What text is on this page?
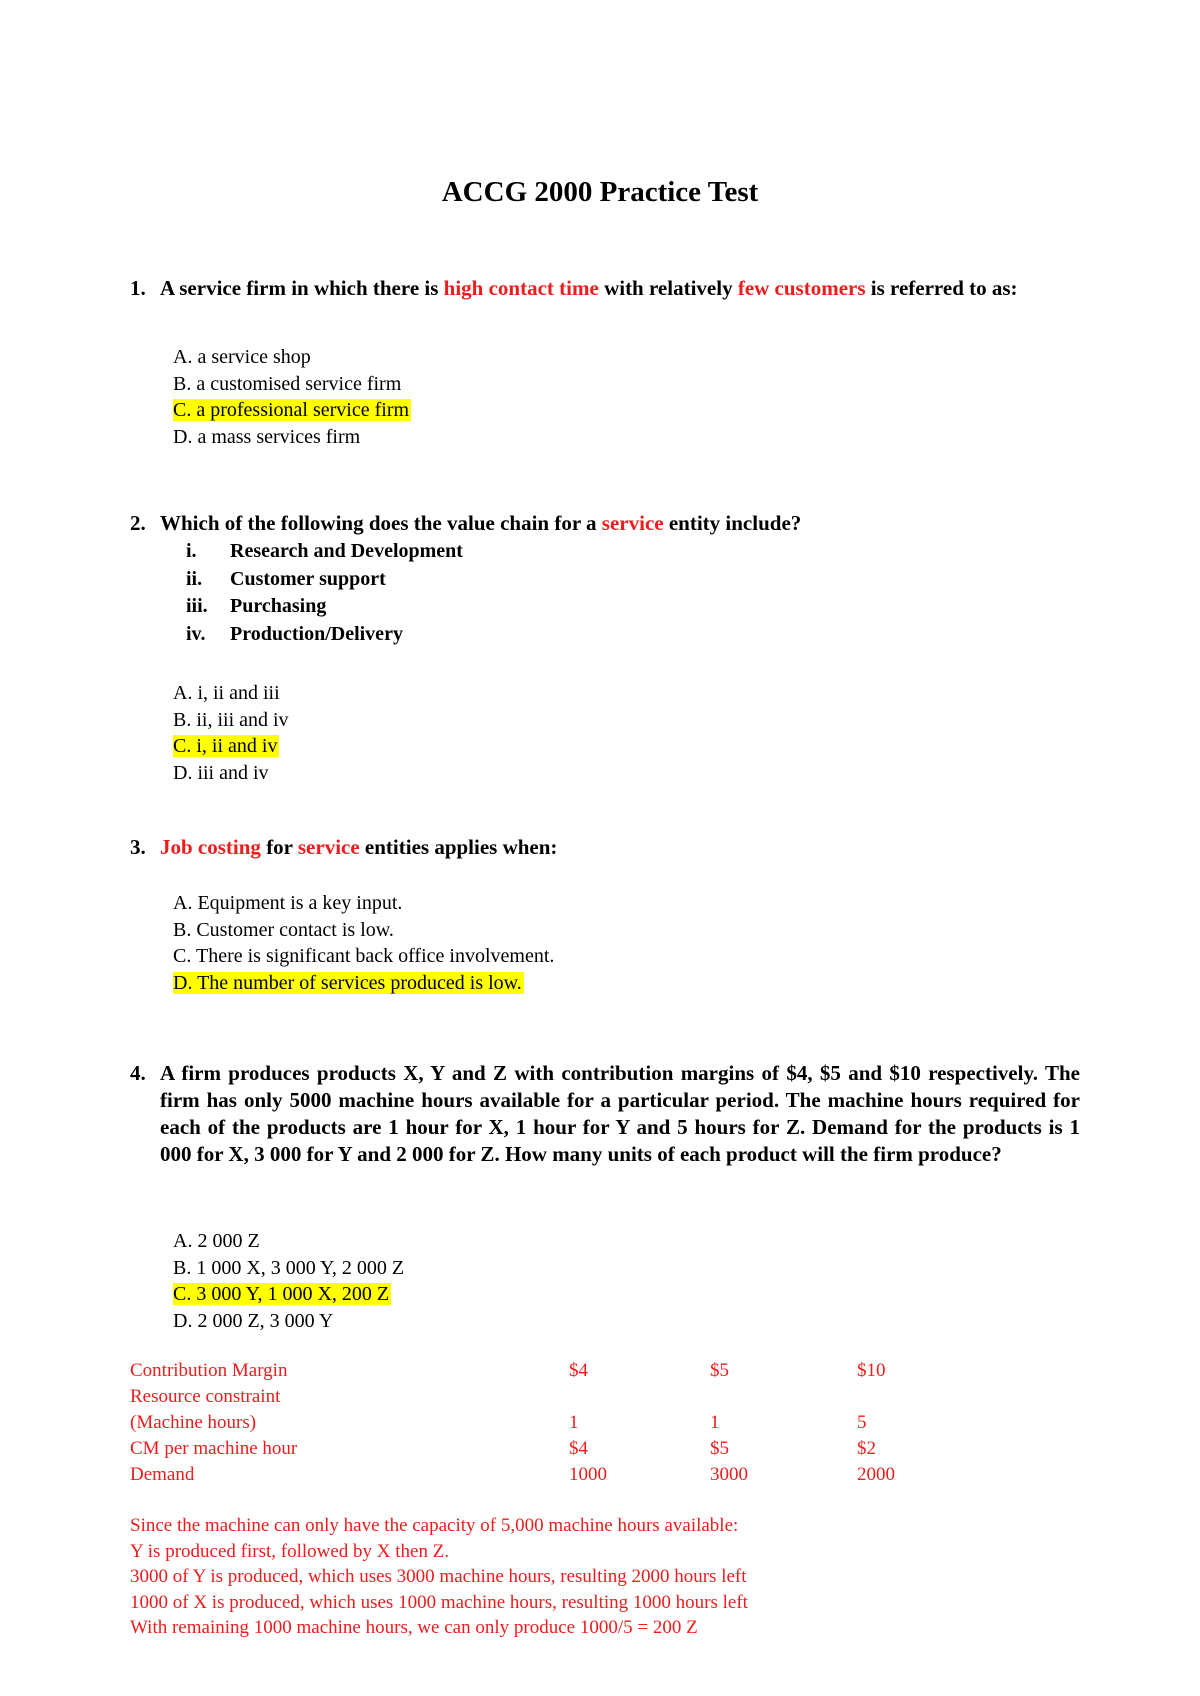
ACCG 2000 Practice Test
1. A service firm in which there is high contact time with relatively few customers is referred to as:
A. a service shop
B. a customised service firm
C. a professional service firm
D. a mass services firm
2. Which of the following does the value chain for a service entity include?
i. Research and Development
ii. Customer support
iii. Purchasing
iv. Production/Delivery
A. i, ii and iii
B. ii, iii and iv
C. i, ii and iv
D. iii and iv
3. Job costing for service entities applies when:
A. Equipment is a key input.
B. Customer contact is low.
C. There is significant back office involvement.
D. The number of services produced is low.
4. A firm produces products X, Y and Z with contribution margins of $4, $5 and $10 respectively. The firm has only 5000 machine hours available for a particular period. The machine hours required for each of the products are 1 hour for X, 1 hour for Y and 5 hours for Z. Demand for the products is 1 000 for X, 3 000 for Y and 2 000 for Z. How many units of each product will the firm produce?
A. 2 000 Z
B. 1 000 X, 3 000 Y, 2 000 Z
C. 3 000 Y, 1 000 X, 200 Z
D. 2 000 Z, 3 000 Y
Contribution Margin	$4	$5	$10
Resource constraint
(Machine hours)	1	1	5
CM per machine hour	$4	$5	$2
Demand	1000	3000	2000
Since the machine can only have the capacity of 5,000 machine hours available:
Y is produced first, followed by X then Z.
3000 of Y is produced, which uses 3000 machine hours, resulting 2000 hours left
1000 of X is produced, which uses 1000 machine hours, resulting 1000 hours left
With remaining 1000 machine hours, we can only produce 1000/5 = 200 Z
